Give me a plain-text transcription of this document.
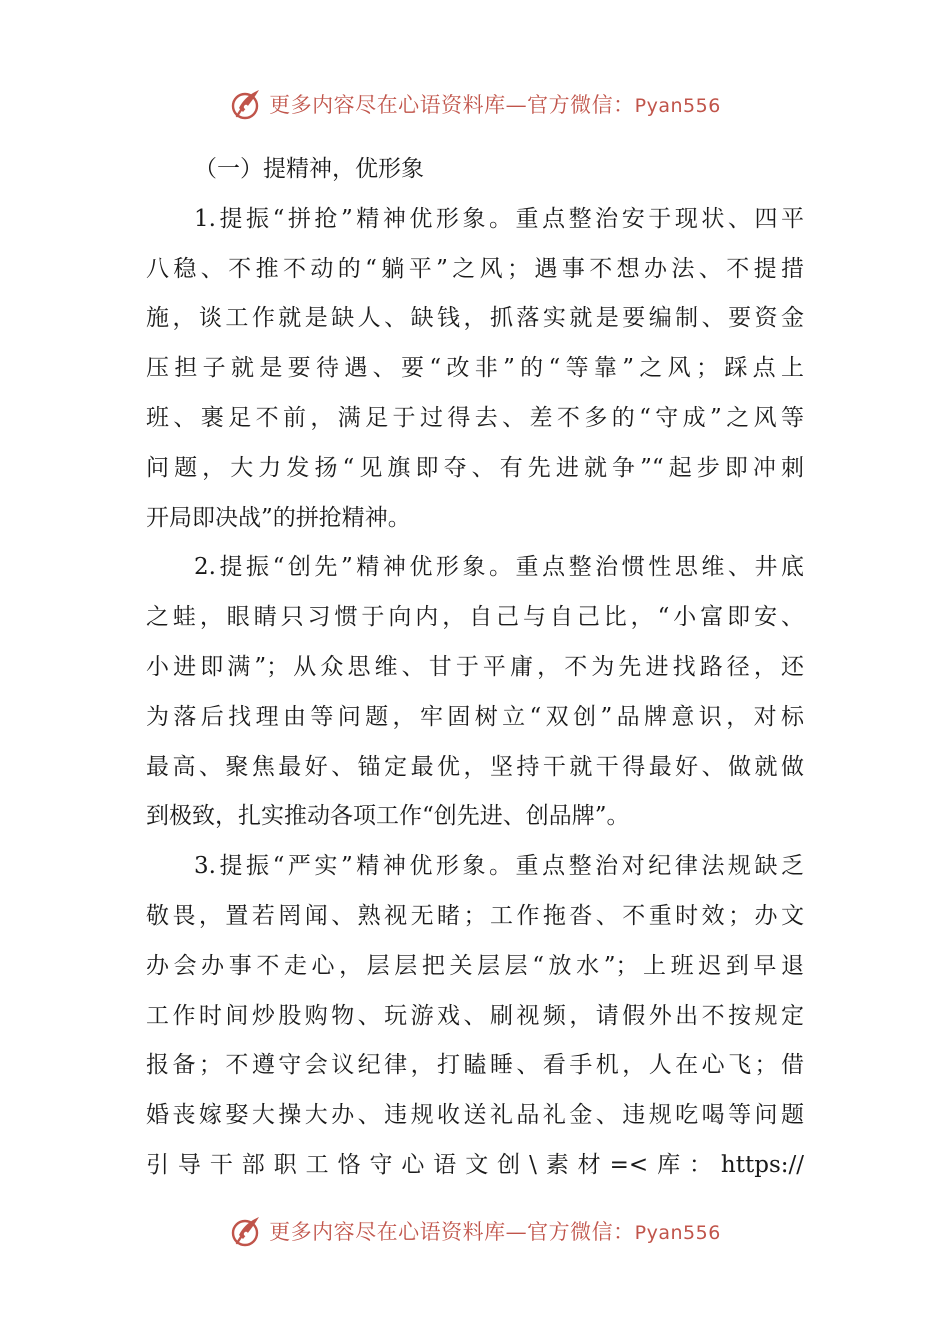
更多内容尽在心语资料库—官方微信：Pyan556
（一）提精神，优形象
1.提振“拼抢”精神优形象。重点整治安于现状、四平
八稳、不推不动的“躺平”之风；遇事不想办法、不提措
施，谈工作就是缺人、缺钱，抓落实就是要编制、要资金
压担子就是要待遇、要“改非”的“等靠”之风；踩点上
班、裹足不前，满足于过得去、差不多的“守成”之风等
问题，大力发扬“见旗即夺、有先进就争”“起步即冲刺
开局即决战”的拼抢精神。
2.提振“创先”精神优形象。重点整治惯性思维、井底
之蛙，眼睛只习惯于向内，自己与自己比，“小富即安、
小进即满”；从众思维、甘于平庸，不为先进找路径，还
为落后找理由等问题，牢固树立“双创”品牌意识，对标
最高、聚焦最好、锚定最优，坚持干就干得最好、做就做
到极致，扎实推动各项工作“创先进、创品牌”。
3.提振“严实”精神优形象。重点整治对纪律法规缺乏
敬畏，置若罔闻、熟视无睹；工作拖沓、不重时效；办文
办会办事不走心，层层把关层层“放水”；上班迟到早退
工作时间炒股购物、玩游戏、刷视频，请假外出不按规定
报备；不遵守会议纪律，打瞌睡、看手机，人在心飞；借
婚丧嫁娶大操大办、违规收送礼品礼金、违规吃喝等问题
引导干部职工恪守心语文创\素材=<库：https://
更多内容尽在心语资料库—官方微信：Pyan556
